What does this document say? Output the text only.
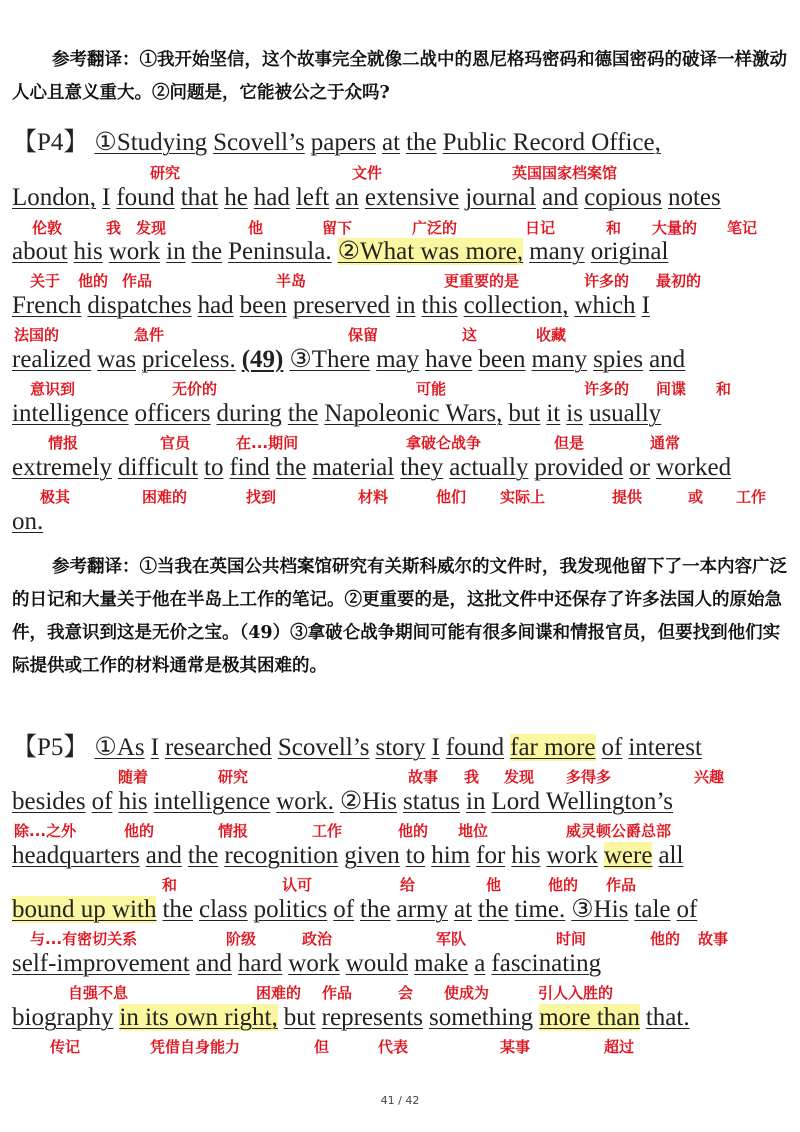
参考翻译：①我开始坚信，这个故事完全就像二战中的恩尼格玛密码和德国密码的破译一样激动人心且意义重大。②问题是，它能被公之于众吗?

【P4】 ①Studying Scovell’s papers at the Public Record Office,
London, I found that he had left an extensive journal and copious notes
about his work in the Peninsula. ②What was more, many original
French dispatches had been preserved in this collection, which I
realized was priceless. (49) ③There may have been many spies and
intelligence officers during the Napoleonic Wars, but it is usually
extremely difficult to find the material they actually provided or worked
on.
研究	文件	英国国家档案馆
伦敦	我 发现	他	留下	广泛的	日记	和 大量的 笔记
关于 他的 作品	半岛	更重要的是	许多的 最初的
法国的	急件	保留	这	收藏
意识到	无价的	可能	许多的 间谍 和
情报	官员	在...期间	拿破仑战争	但是	通常
极其	困难的	找到	材料	他们 实际上	提供	或 工作

参考翻译：①当我在英国公共档案馆研究有关斯科威尔的文件时，我发现他留下了一本内容广泛的日记和大量关于他在半岛上工作的笔记。②更重要的是，这批文件中还保存了许多法国人的原始急件，我意识到这是无价之宝。（49）③拿破仑战争期间可能有很多间谍和情报官员，但要找到他们实际提供或工作的材料通常是极其困难的。

【P5】 ①As I researched Scovell’s story I found far more of interest
besides of his intelligence work. ②His status in Lord Wellington’s
headquarters and the recognition given to him for his work were all
bound up with the class politics of the army at the time. ③His tale of
self-improvement and hard work would make a fascinating
biography in its own right, but represents something more than that.
随着	研究	故事 我 发现 多得多	兴趣
除...之外	他的	情报	工作	他的 地位	威灵顿公爵总部
和	认可	给	他	他的 作品
与...有密切关系	阶级	政治	军队	时间	他的 故事
自强不息	困难的 作品	会 使成为	引人入胜的
传记	凭借自身能力	但	代表	某事	超过
41 / 42
